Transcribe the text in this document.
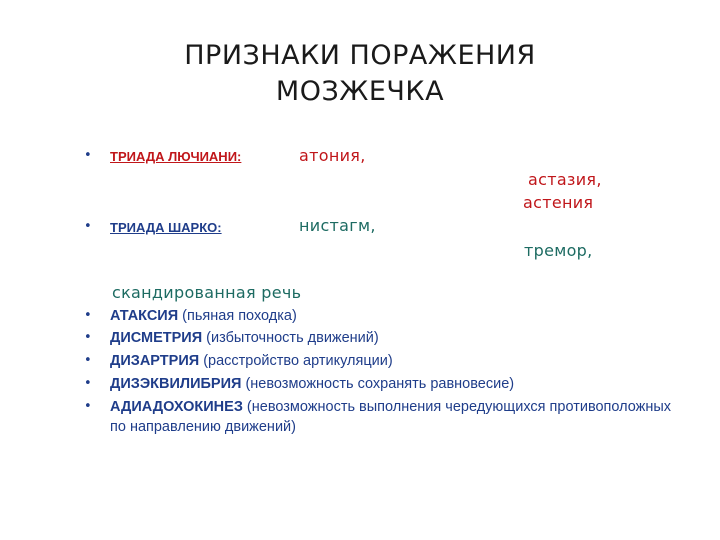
ПРИЗНАКИ ПОРАЖЕНИЯ
МОЗЖЕЧКА
• ТРИАДА ЛЮЧИАНИ:	атония,
астазия,
астения
• ТРИАДА ШАРКО:	нистагм,
тремор,
скандированная речь
• АТАКСИЯ (пьяная походка)
• ДИСМЕТРИЯ (избыточность движений)
• ДИЗАРТРИЯ (расстройство артикуляции)
• ДИЗЭКВИЛИБРИЯ (невозможность сохранять равновесие)
• АДИАДОХОКИНЕЗ (невозможность выполнения чередующихся противоположных по направлению движений)
